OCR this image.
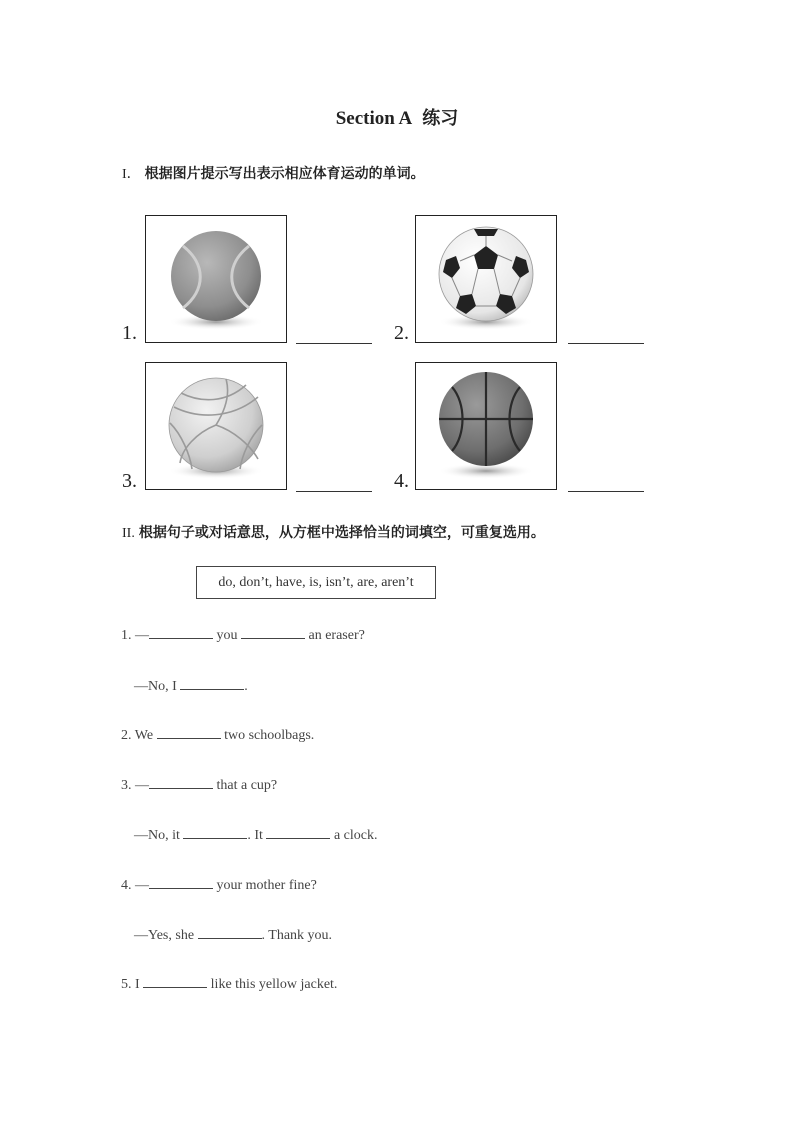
Section A 练习
I． 根据图片提示写出表示相应体育运动的单词。
1.	2.
3.	4.
II. 根据句子或对话意思，从方框中选择恰当的词填空，可重复选用。
do, don’t, have, is, isn’t, are, aren’t
1. —	you	an eraser?
—No, I	.
2. We	two schoolbags.
3. —	that a cup?
—No, it	. It	a clock.
4. —	your mother fine?
—Yes, she	. Thank you.
5. I	like this yellow jacket.
